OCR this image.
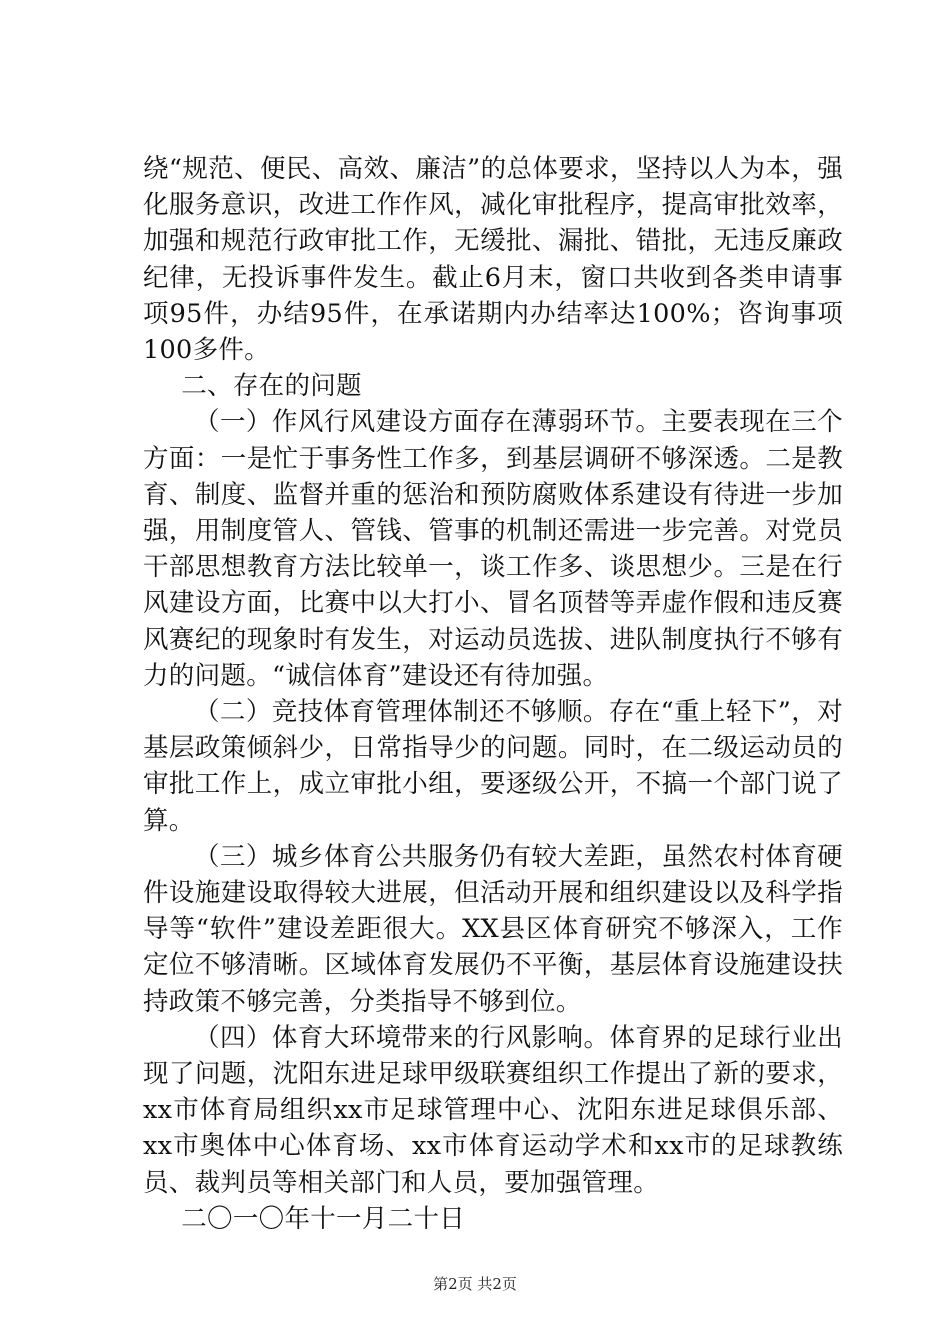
绕“规范、便民、高效、廉洁”的总体要求，坚持以人为本，强化服务意识，改进工作作风，减化审批程序，提高审批效率，加强和规范行政审批工作，无缓批、漏批、错批，无违反廉政纪律，无投诉事件发生。截止6月末，窗口共收到各类申请事项95件，办结95件，在承诺期内办结率达100%；咨询事项100多件。

二、存在的问题

（一）作风行风建设方面存在薄弱环节。主要表现在三个方面：一是忙于事务性工作多，到基层调研不够深透。二是教育、制度、监督并重的惩治和预防腐败体系建设有待进一步加强，用制度管人、管钱、管事的机制还需进一步完善。对党员干部思想教育方法比较单一，谈工作多、谈思想少。三是在行风建设方面，比赛中以大打小、冒名顶替等弄虚作假和违反赛风赛纪的现象时有发生，对运动员选拔、进队制度执行不够有力的问题。“诚信体育”建设还有待加强。

（二）竞技体育管理体制还不够顺。存在“重上轻下”，对基层政策倾斜少，日常指导少的问题。同时，在二级运动员的审批工作上，成立审批小组，要逐级公开，不搞一个部门说了算。

（三）城乡体育公共服务仍有较大差距，虽然农村体育硬件设施建设取得较大进展，但活动开展和组织建设以及科学指导等“软件”建设差距很大。XX县区体育研究不够深入，工作定位不够清晰。区域体育发展仍不平衡，基层体育设施建设扶持政策不够完善，分类指导不够到位。

（四）体育大环境带来的行风影响。体育界的足球行业出现了问题，沈阳东进足球甲级联赛组织工作提出了新的要求，xx市体育局组织xx市足球管理中心、沈阳东进足球俱乐部、xx市奥体中心体育场、xx市体育运动学术和xx市的足球教练员、裁判员等相关部门和人员，要加强管理。

二〇一〇年十一月二十日

第2页 共2页
